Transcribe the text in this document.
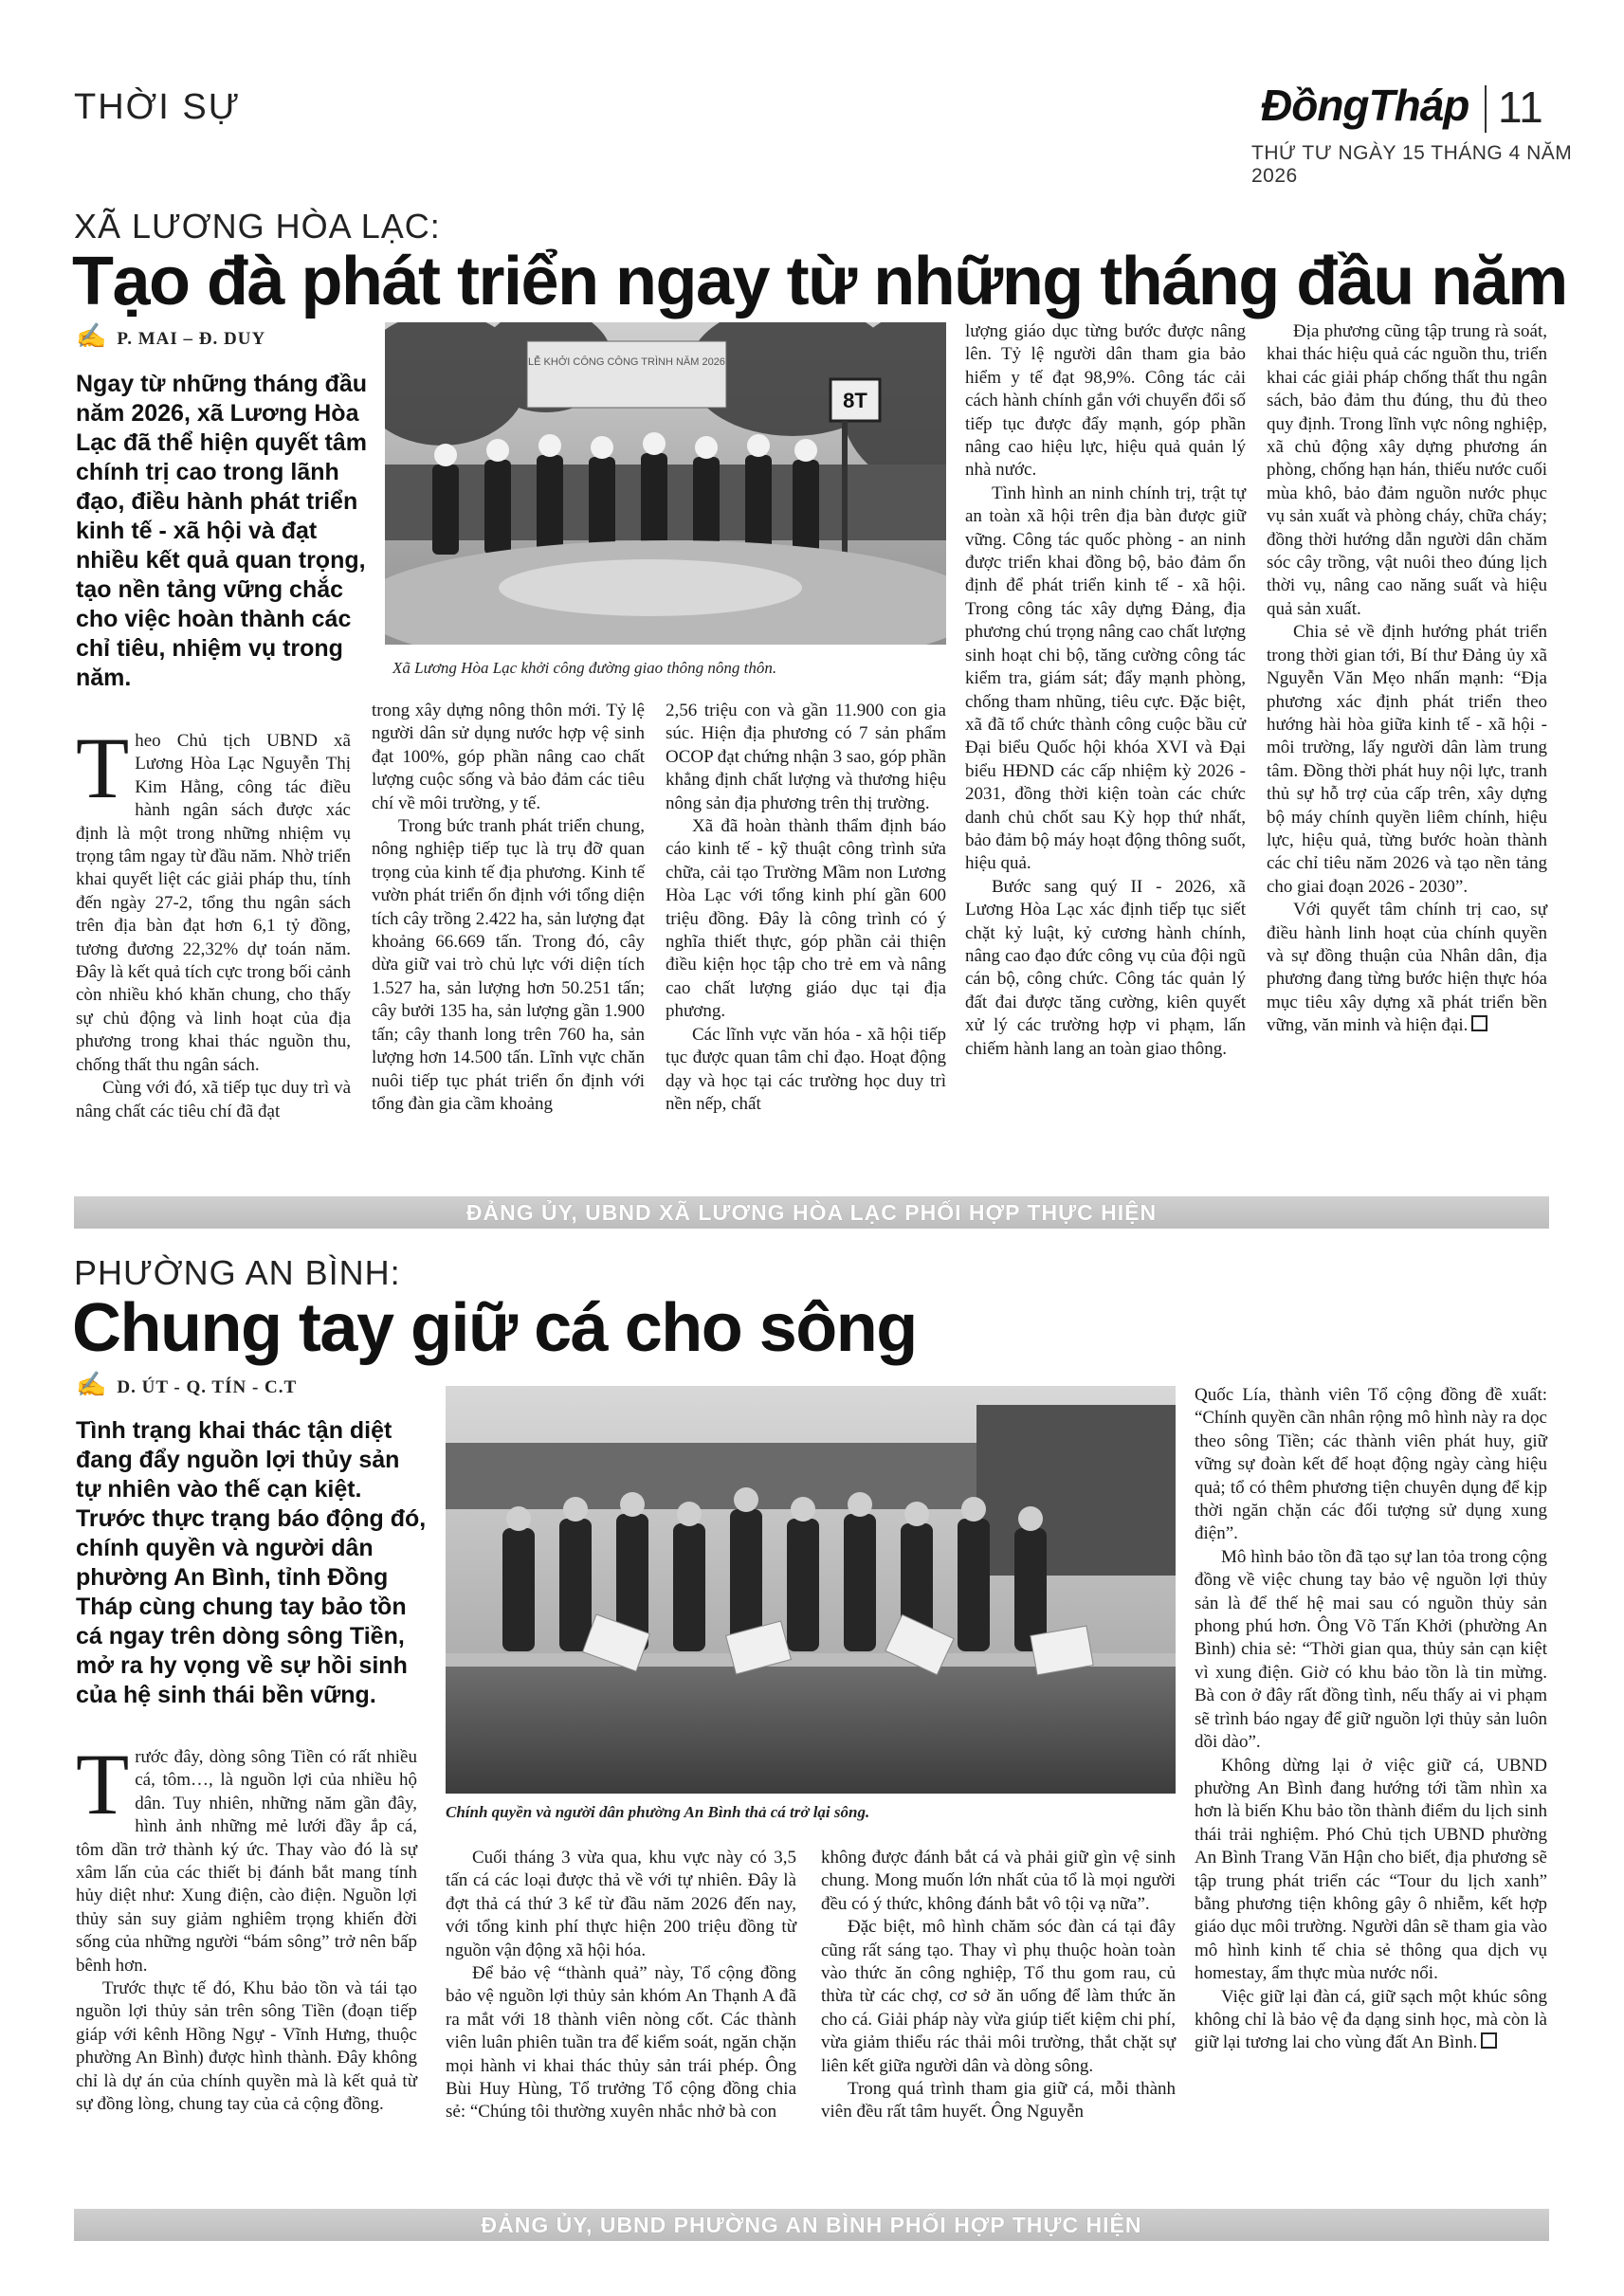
THỜI SỰ	ĐồngTháp 11
THỨ TƯ NGÀY 15 THÁNG 4 NĂM 2026
XÃ LƯƠNG HÒA LẠC:
Tạo đà phát triển ngay từ những tháng đầu năm
✍ P. MAI – Đ. DUY
Ngay từ những tháng đầu năm 2026, xã Lương Hòa Lạc đã thể hiện quyết tâm chính trị cao trong lãnh đạo, điều hành phát triển kinh tế - xã hội và đạt nhiều kết quả quan trọng, tạo nền tảng vững chắc cho việc hoàn thành các chỉ tiêu, nhiệm vụ trong năm.
LỄ KHỞI CÔNG CÔNG TRÌNH NĂM 2026
8T
Xã Lương Hòa Lạc khởi công đường giao thông nông thôn.

Theo Chủ tịch UBND xã Lương Hòa Lạc Nguyễn Thị Kim Hằng, công tác điều hành ngân sách được xác định là một trong những nhiệm vụ trọng tâm ngay từ đầu năm. Nhờ triển khai quyết liệt các giải pháp thu, tính đến ngày 27-2, tổng thu ngân sách trên địa bàn đạt hơn 6,1 tỷ đồng, tương đương 22,32% dự toán năm. Đây là kết quả tích cực trong bối cảnh còn nhiều khó khăn chung, cho thấy sự chủ động và linh hoạt của địa phương trong khai thác nguồn thu, chống thất thu ngân sách.

Cùng với đó, xã tiếp tục duy trì và nâng chất các tiêu chí đã đạt

trong xây dựng nông thôn mới. Tỷ lệ người dân sử dụng nước hợp vệ sinh đạt 100%, góp phần nâng cao chất lượng cuộc sống và bảo đảm các tiêu chí về môi trường, y tế.

Trong bức tranh phát triển chung, nông nghiệp tiếp tục là trụ đỡ quan trọng của kinh tế địa phương. Kinh tế vườn phát triển ổn định với tổng diện tích cây trồng 2.422 ha, sản lượng đạt khoảng 66.669 tấn. Trong đó, cây dừa giữ vai trò chủ lực với diện tích 1.527 ha, sản lượng hơn 50.251 tấn; cây bưởi 135 ha, sản lượng gần 1.900 tấn; cây thanh long trên 760 ha, sản lượng hơn 14.500 tấn. Lĩnh vực chăn nuôi tiếp tục phát triển ổn định với tổng đàn gia cầm khoảng

2,56 triệu con và gần 11.900 con gia súc. Hiện địa phương có 7 sản phẩm OCOP đạt chứng nhận 3 sao, góp phần khẳng định chất lượng và thương hiệu nông sản địa phương trên thị trường.

Xã đã hoàn thành thẩm định báo cáo kinh tế - kỹ thuật công trình sửa chữa, cải tạo Trường Mầm non Lương Hòa Lạc với tổng kinh phí gần 600 triệu đồng. Đây là công trình có ý nghĩa thiết thực, góp phần cải thiện điều kiện học tập cho trẻ em và nâng cao chất lượng giáo dục tại địa phương.

Các lĩnh vực văn hóa - xã hội tiếp tục được quan tâm chỉ đạo. Hoạt động dạy và học tại các trường học duy trì nền nếp, chất

lượng giáo dục từng bước được nâng lên. Tỷ lệ người dân tham gia bảo hiểm y tế đạt 98,9%. Công tác cải cách hành chính gắn với chuyển đổi số tiếp tục được đẩy mạnh, góp phần nâng cao hiệu lực, hiệu quả quản lý nhà nước.

Tình hình an ninh chính trị, trật tự an toàn xã hội trên địa bàn được giữ vững. Công tác quốc phòng - an ninh được triển khai đồng bộ, bảo đảm ổn định để phát triển kinh tế - xã hội. Trong công tác xây dựng Đảng, địa phương chú trọng nâng cao chất lượng sinh hoạt chi bộ, tăng cường công tác kiểm tra, giám sát; đẩy mạnh phòng, chống tham nhũng, tiêu cực. Đặc biệt, xã đã tổ chức thành công cuộc bầu cử Đại biểu Quốc hội khóa XVI và Đại biểu HĐND các cấp nhiệm kỳ 2026 - 2031, đồng thời kiện toàn các chức danh chủ chốt sau Kỳ họp thứ nhất, bảo đảm bộ máy hoạt động thông suốt, hiệu quả.

Bước sang quý II - 2026, xã Lương Hòa Lạc xác định tiếp tục siết chặt kỷ luật, kỷ cương hành chính, nâng cao đạo đức công vụ của đội ngũ cán bộ, công chức. Công tác quản lý đất đai được tăng cường, kiên quyết xử lý các trường hợp vi phạm, lấn chiếm hành lang an toàn giao thông.

Địa phương cũng tập trung rà soát, khai thác hiệu quả các nguồn thu, triển khai các giải pháp chống thất thu ngân sách, bảo đảm thu đúng, thu đủ theo quy định. Trong lĩnh vực nông nghiệp, xã chủ động xây dựng phương án phòng, chống hạn hán, thiếu nước cuối mùa khô, bảo đảm nguồn nước phục vụ sản xuất và phòng cháy, chữa cháy; đồng thời hướng dẫn người dân chăm sóc cây trồng, vật nuôi theo đúng lịch thời vụ, nâng cao năng suất và hiệu quả sản xuất.

Chia sẻ về định hướng phát triển trong thời gian tới, Bí thư Đảng ủy xã Nguyễn Văn Mẹo nhấn mạnh: “Địa phương xác định phát triển theo hướng hài hòa giữa kinh tế - xã hội - môi trường, lấy người dân làm trung tâm. Đồng thời phát huy nội lực, tranh thủ sự hỗ trợ của cấp trên, xây dựng bộ máy chính quyền liêm chính, hiệu lực, hiệu quả, từng bước hoàn thành các chỉ tiêu năm 2026 và tạo nền tảng cho giai đoạn 2026 - 2030”.

Với quyết tâm chính trị cao, sự điều hành linh hoạt của chính quyền và sự đồng thuận của Nhân dân, địa phương đang từng bước hiện thực hóa mục tiêu xây dựng xã phát triển bền vững, văn minh và hiện đại.

ĐẢNG ỦY, UBND XÃ LƯƠNG HÒA LẠC PHỐI HỢP THỰC HIỆN
PHƯỜNG AN BÌNH:
Chung tay giữ cá cho sông
✍ D. ÚT - Q. TÍN - C.T
Tình trạng khai thác tận diệt đang đẩy nguồn lợi thủy sản tự nhiên vào thế cạn kiệt. Trước thực trạng báo động đó, chính quyền và người dân phường An Bình, tỉnh Đồng Tháp cùng chung tay bảo tồn cá ngay trên dòng sông Tiền, mở ra hy vọng về sự hồi sinh của hệ sinh thái bền vững.
Chính quyền và người dân phường An Bình thả cá trở lại sông.

Trước đây, dòng sông Tiền có rất nhiều cá, tôm…, là nguồn lợi của nhiều hộ dân. Tuy nhiên, những năm gần đây, hình ảnh những mẻ lưới đầy ắp cá, tôm dần trở thành ký ức. Thay vào đó là sự xâm lấn của các thiết bị đánh bắt mang tính hủy diệt như: Xung điện, cào điện. Nguồn lợi thủy sản suy giảm nghiêm trọng khiến đời sống của những người “bám sông” trở nên bấp bênh hơn.

Trước thực tế đó, Khu bảo tồn và tái tạo nguồn lợi thủy sản trên sông Tiền (đoạn tiếp giáp với kênh Hồng Ngự - Vĩnh Hưng, thuộc phường An Bình) được hình thành. Đây không chỉ là dự án của chính quyền mà là kết quả từ sự đồng lòng, chung tay của cả cộng đồng.

Cuối tháng 3 vừa qua, khu vực này có 3,5 tấn cá các loại được thả về với tự nhiên. Đây là đợt thả cá thứ 3 kể từ đầu năm 2026 đến nay, với tổng kinh phí thực hiện 200 triệu đồng từ nguồn vận động xã hội hóa.

Để bảo vệ “thành quả” này, Tổ cộng đồng bảo vệ nguồn lợi thủy sản khóm An Thạnh A đã ra mắt với 18 thành viên nòng cốt. Các thành viên luân phiên tuần tra để kiểm soát, ngăn chặn mọi hành vi khai thác thủy sản trái phép. Ông Bùi Huy Hùng, Tổ trưởng Tổ cộng đồng chia sẻ: “Chúng tôi thường xuyên nhắc nhở bà con

không được đánh bắt cá và phải giữ gìn vệ sinh chung. Mong muốn lớn nhất của tổ là mọi người đều có ý thức, không đánh bắt vô tội vạ nữa”.

Đặc biệt, mô hình chăm sóc đàn cá tại đây cũng rất sáng tạo. Thay vì phụ thuộc hoàn toàn vào thức ăn công nghiệp, Tổ thu gom rau, củ thừa từ các chợ, cơ sở ăn uống để làm thức ăn cho cá. Giải pháp này vừa giúp tiết kiệm chi phí, vừa giảm thiểu rác thải môi trường, thắt chặt sự liên kết giữa người dân và dòng sông.

Trong quá trình tham gia giữ cá, mỗi thành viên đều rất tâm huyết. Ông Nguyễn

Quốc Lía, thành viên Tổ cộng đồng đề xuất: “Chính quyền cần nhân rộng mô hình này ra dọc theo sông Tiền; các thành viên phát huy, giữ vững sự đoàn kết để hoạt động ngày càng hiệu quả; tổ có thêm phương tiện chuyên dụng để kịp thời ngăn chặn các đối tượng sử dụng xung điện”.

Mô hình bảo tồn đã tạo sự lan tỏa trong cộng đồng về việc chung tay bảo vệ nguồn lợi thủy sản là để thế hệ mai sau có nguồn thủy sản phong phú hơn. Ông Võ Tấn Khởi (phường An Bình) chia sẻ: “Thời gian qua, thủy sản cạn kiệt vì xung điện. Giờ có khu bảo tồn là tin mừng. Bà con ở đây rất đồng tình, nếu thấy ai vi phạm sẽ trình báo ngay để giữ nguồn lợi thủy sản luôn dồi dào”.

Không dừng lại ở việc giữ cá, UBND phường An Bình đang hướng tới tầm nhìn xa hơn là biến Khu bảo tồn thành điểm du lịch sinh thái trải nghiệm. Phó Chủ tịch UBND phường An Bình Trang Văn Hận cho biết, địa phương sẽ tập trung phát triển các “Tour du lịch xanh” bằng phương tiện không gây ô nhiễm, kết hợp giáo dục môi trường. Người dân sẽ tham gia vào mô hình kinh tế chia sẻ thông qua dịch vụ homestay, ẩm thực mùa nước nổi.

Việc giữ lại đàn cá, giữ sạch một khúc sông không chỉ là bảo vệ đa dạng sinh học, mà còn là giữ lại tương lai cho vùng đất An Bình.

ĐẢNG ỦY, UBND PHƯỜNG AN BÌNH PHỐI HỢP THỰC HIỆN
